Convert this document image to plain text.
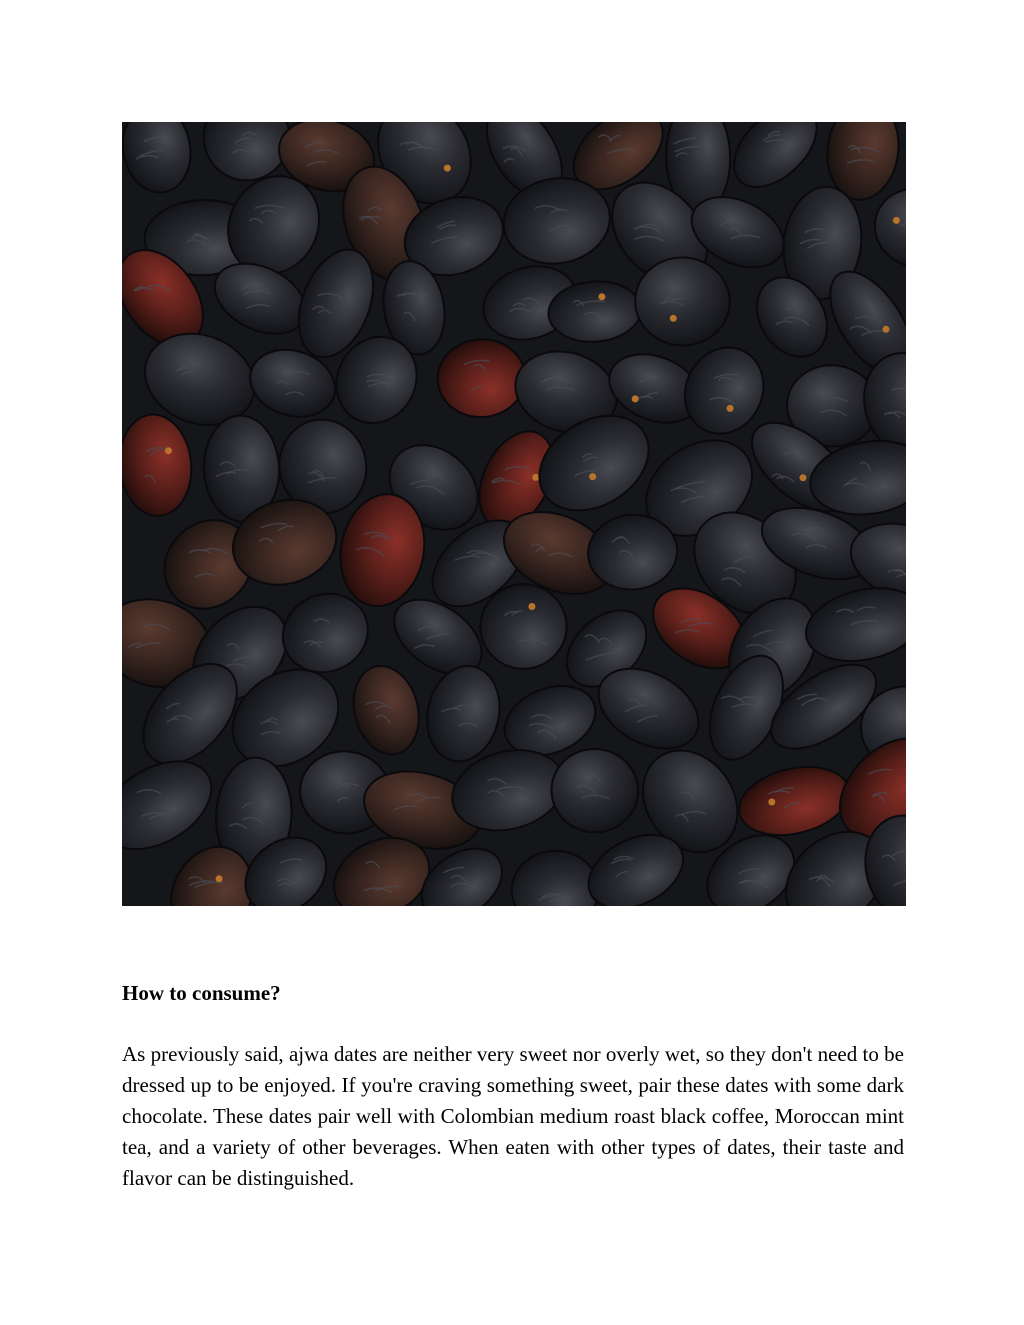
How to consume?

As previously said, ajwa dates are neither very sweet nor overly wet, so they don't need to be dressed up to be enjoyed. If you're craving something sweet, pair these dates with some dark chocolate. These dates pair well with Colombian medium roast black coffee, Moroccan mint tea, and a variety of other beverages. When eaten with other types of dates, their taste and flavor can be distinguished.
